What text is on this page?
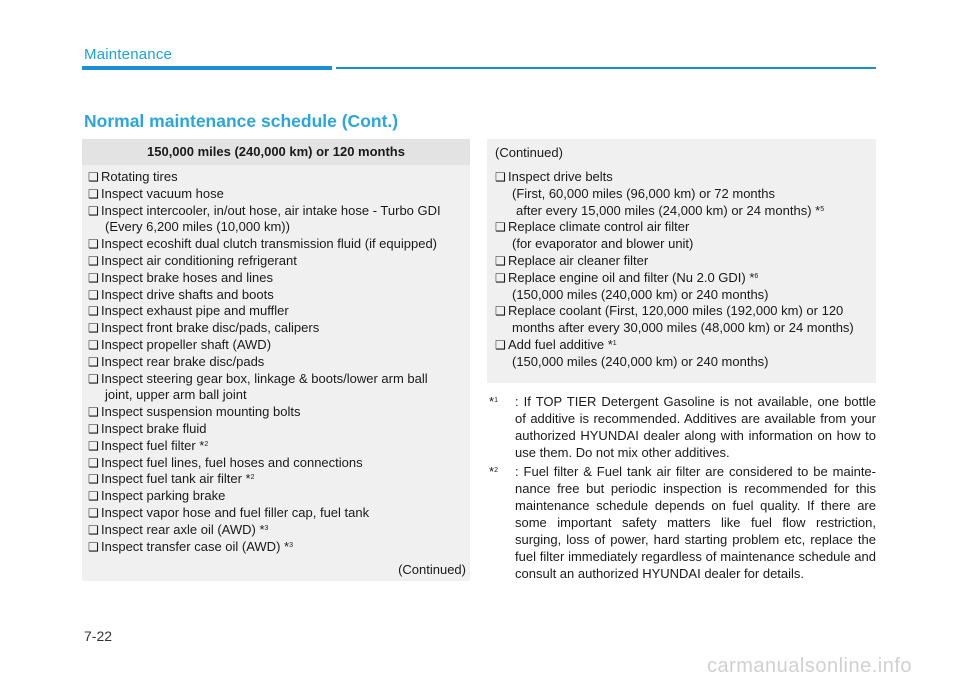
Maintenance
Normal maintenance schedule (Cont.)
150,000 miles (240,000 km) or 120 months
❑ Rotating tires
❑ Inspect vacuum hose
❑ Inspect intercooler, in/out hose, air intake hose - Turbo GDI
(Every 6,200 miles (10,000 km))
❑ Inspect ecoshift dual clutch transmission fluid (if equipped)
❑ Inspect air conditioning refrigerant
❑ Inspect brake hoses and lines
❑ Inspect drive shafts and boots
❑ Inspect exhaust pipe and muffler
❑ Inspect front brake disc/pads, calipers
❑ Inspect propeller shaft (AWD)
❑ Inspect rear brake disc/pads
❑ Inspect steering gear box, linkage & boots/lower arm ball
joint, upper arm ball joint
❑ Inspect suspension mounting bolts
❑ Inspect brake fluid
❑ Inspect fuel filter *$^2$
❑ Inspect fuel lines, fuel hoses and connections
❑ Inspect fuel tank air filter *$^2$
❑ Inspect parking brake
❑ Inspect vapor hose and fuel filler cap, fuel tank
❑ Inspect rear axle oil (AWD) *$^3$
❑ Inspect transfer case oil (AWD) *$^3$
(Continued)
(Continued)
❑ Inspect drive belts
(First, 60,000 miles (96,000 km) or 72 months
after every 15,000 miles (24,000 km) or 24 months) *$^5$
❑ Replace climate control air filter
(for evaporator and blower unit)
❑ Replace air cleaner filter
❑ Replace engine oil and filter (Nu 2.0 GDI) *$^6$
(150,000 miles (240,000 km) or 240 months)
❑ Replace coolant (First, 120,000 miles (192,000 km) or 120
months after every 30,000 miles (48,000 km) or 24 months)
❑ Add fuel additive *$^1$
(150,000 miles (240,000 km) or 240 months)
*$^1$ : If TOP TIER Detergent Gasoline is not available, one bottle of additive is recommended. Additives are available from your authorized HYUNDAI dealer along with information on how to use them. Do not mix other additives.
*$^2$ : Fuel filter & Fuel tank air filter are considered to be mainte-nance free but periodic inspection is recommended for this maintenance schedule depends on fuel quality. If there are some important safety matters like fuel flow restriction, surging, loss of power, hard starting problem etc, replace the fuel filter immediately regardless of maintenance schedule and consult an authorized HYUNDAI dealer for details.
7-22
carmanualsonline.info
